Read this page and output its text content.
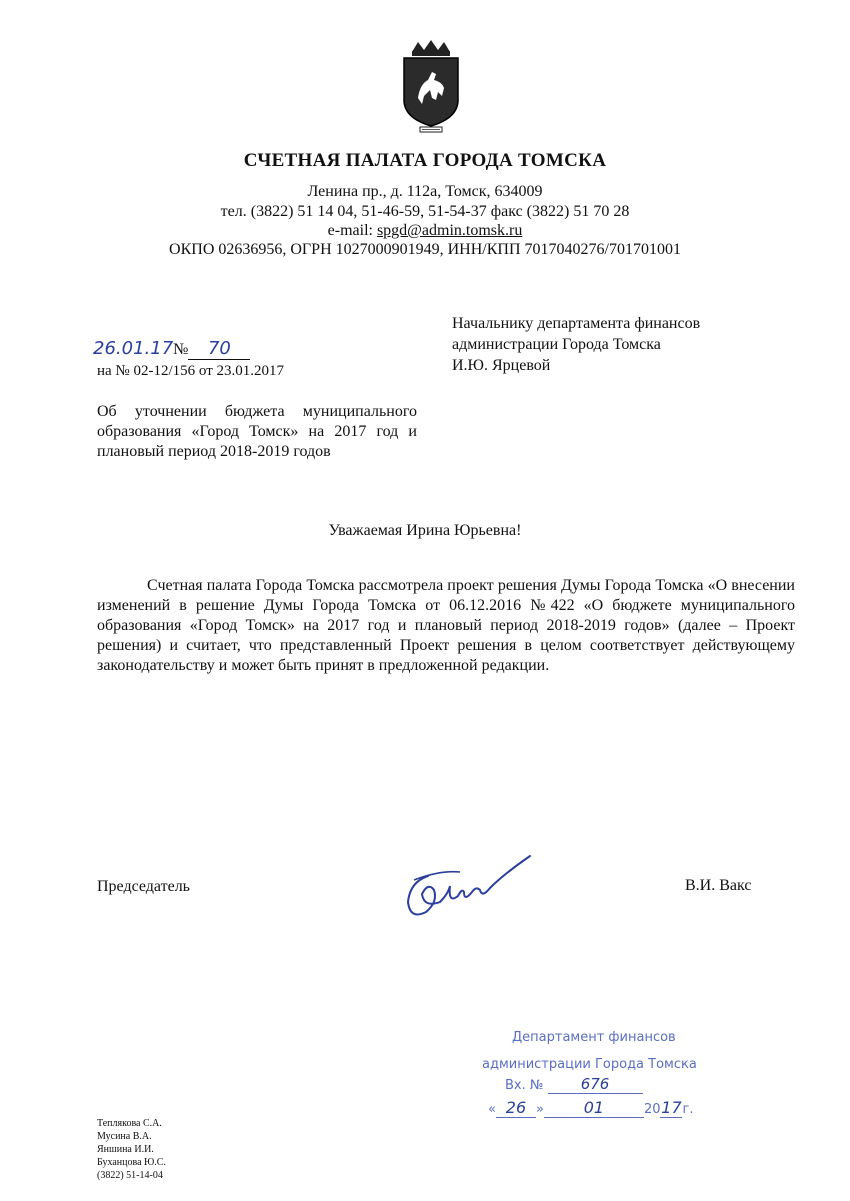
СЧЕТНАЯ ПАЛАТА ГОРОДА ТОМСКА
Ленина пр., д. 112а, Томск, 634009
тел. (3822) 51 14 04, 51-46-59, 51-54-37 факс (3822) 51 70 28
e-mail: spgd@admin.tomsk.ru
ОКПО 02636956, ОГРН 1027000901949, ИНН/КПП 7017040276/701701001
Начальнику департамента финансов
администрации Города Томска
И.Ю. Ярцевой
26.01.17№ 70
на № 02-12/156 от 23.01.2017
Об уточнении бюджета муниципального образования «Город Томск» на 2017 год и плановый период 2018-2019 годов
Уважаемая Ирина Юрьевна!
Счетная палата Города Томска рассмотрела проект решения Думы Города Томска «О внесении изменений в решение Думы Города Томска от 06.12.2016 №422 «О бюджете муниципального образования «Город Томск» на 2017 год и плановый период 2018-2019 годов» (далее – Проект решения) и считает, что представленный Проект решения в целом соответствует действующему законодательству и может быть принят в предложенной редакции.
Председатель	В.И. Вакс
Департамент финансов
администрации Города Томска
Вх. № 676
« 26 » 01	2017г.
Теплякова С.А.
Мусина В.А.
Яншина И.И.
Буханцова Ю.С.
(3822) 51-14-04
